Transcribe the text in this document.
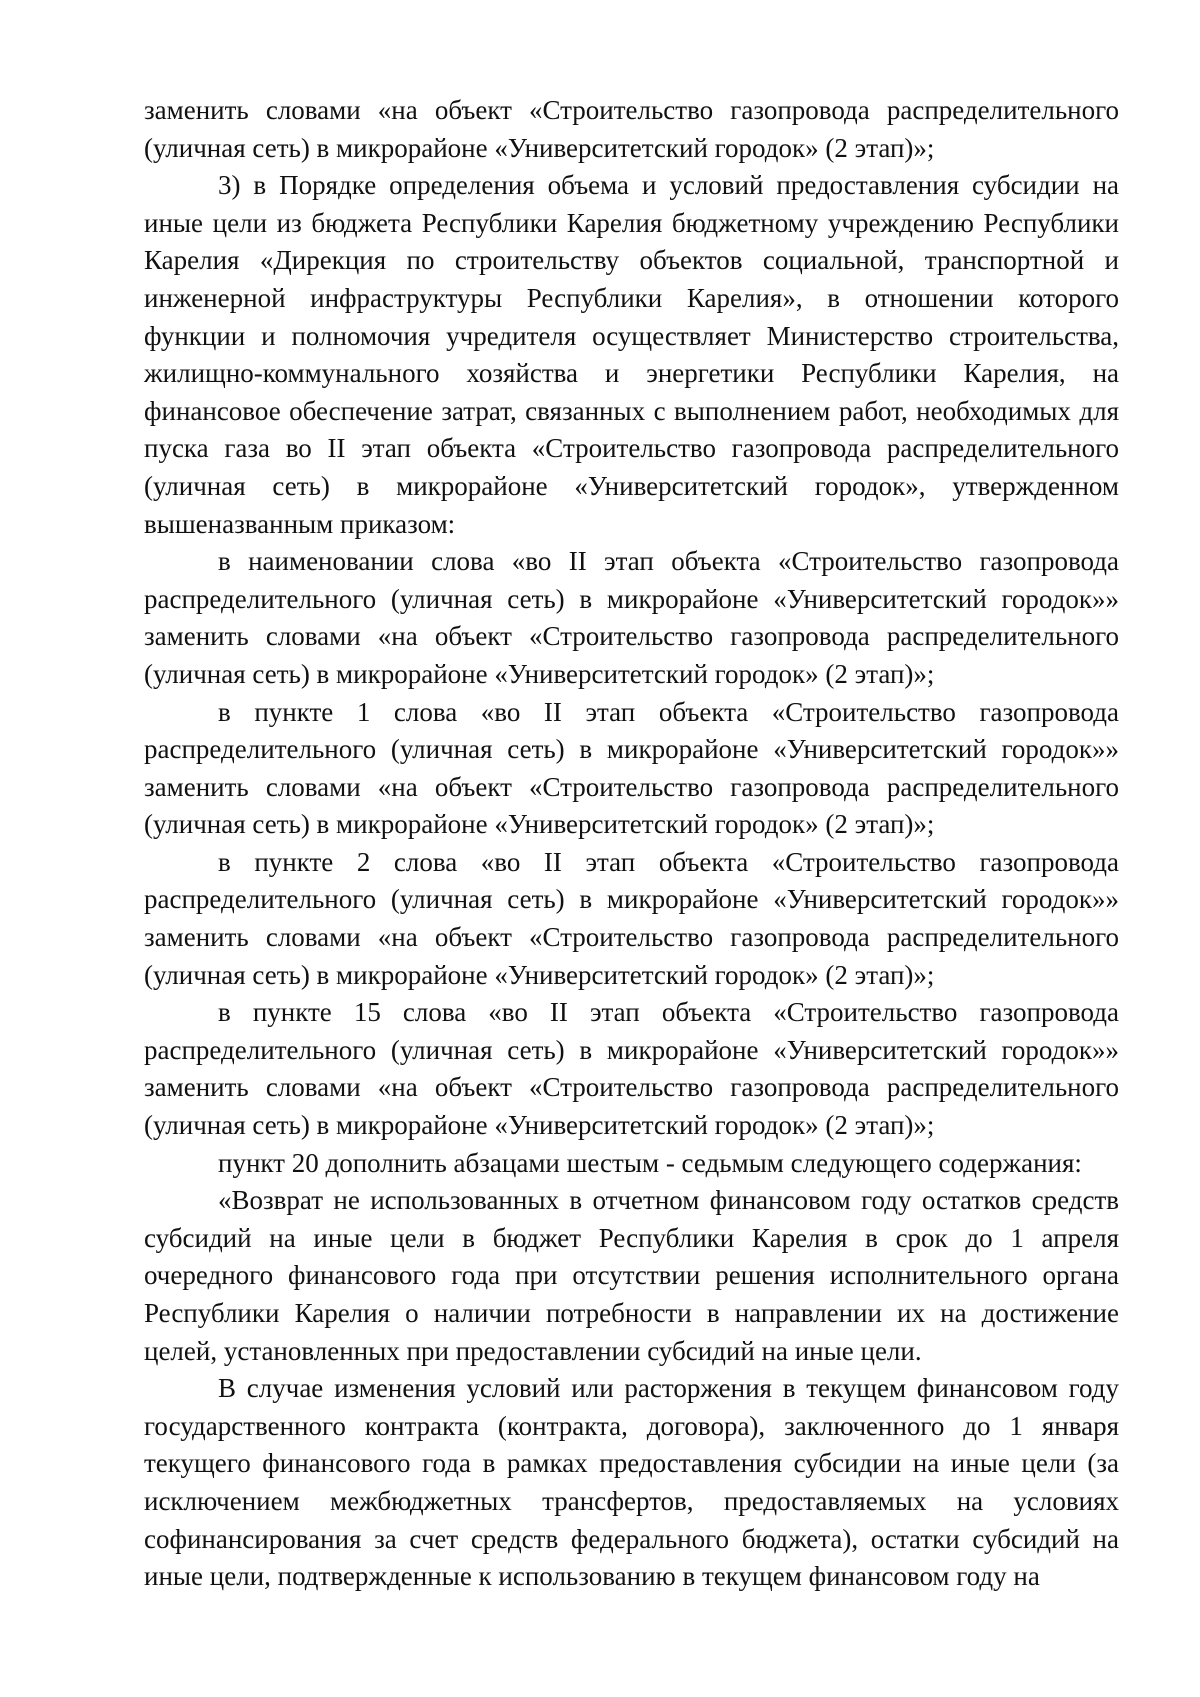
заменить словами «на объект «Строительство газопровода распределительного (уличная сеть) в микрорайоне «Университетский городок» (2 этап)»;

3) в Порядке определения объема и условий предоставления субсидии на иные цели из бюджета Республики Карелия бюджетному учреждению Республики Карелия «Дирекция по строительству объектов социальной, транспортной и инженерной инфраструктуры Республики Карелия», в отношении которого функции и полномочия учредителя осуществляет Министерство строительства, жилищно-коммунального хозяйства и энергетики Республики Карелия, на финансовое обеспечение затрат, связанных с выполнением работ, необходимых для пуска газа во II этап объекта «Строительство газопровода распределительного (уличная сеть) в микрорайоне «Университетский городок», утвержденном вышеназванным приказом:

в наименовании слова «во II этап объекта «Строительство газопровода распределительного (уличная сеть) в микрорайоне «Университетский городок»» заменить словами «на объект «Строительство газопровода распределительного (уличная сеть) в микрорайоне «Университетский городок» (2 этап)»;

в пункте 1 слова «во II этап объекта «Строительство газопровода распределительного (уличная сеть) в микрорайоне «Университетский городок»» заменить словами «на объект «Строительство газопровода распределительного (уличная сеть) в микрорайоне «Университетский городок» (2 этап)»;

в пункте 2 слова «во II этап объекта «Строительство газопровода распределительного (уличная сеть) в микрорайоне «Университетский городок»» заменить словами «на объект «Строительство газопровода распределительного (уличная сеть) в микрорайоне «Университетский городок» (2 этап)»;

в пункте 15 слова «во II этап объекта «Строительство газопровода распределительного (уличная сеть) в микрорайоне «Университетский городок»» заменить словами «на объект «Строительство газопровода распределительного (уличная сеть) в микрорайоне «Университетский городок» (2 этап)»;

пункт 20 дополнить абзацами шестым - седьмым следующего содержания:

«Возврат не использованных в отчетном финансовом году остатков средств субсидий на иные цели в бюджет Республики Карелия в срок до 1 апреля очередного финансового года при отсутствии решения исполнительного органа Республики Карелия о наличии потребности в направлении их на достижение целей, установленных при предоставлении субсидий на иные цели.

В случае изменения условий или расторжения в текущем финансовом году государственного контракта (контракта, договора), заключенного до 1 января текущего финансового года в рамках предоставления субсидии на иные цели (за исключением межбюджетных трансфертов, предоставляемых на условиях софинансирования за счет средств федерального бюджета), остатки субсидий на иные цели, подтвержденные к использованию в текущем финансовом году на
